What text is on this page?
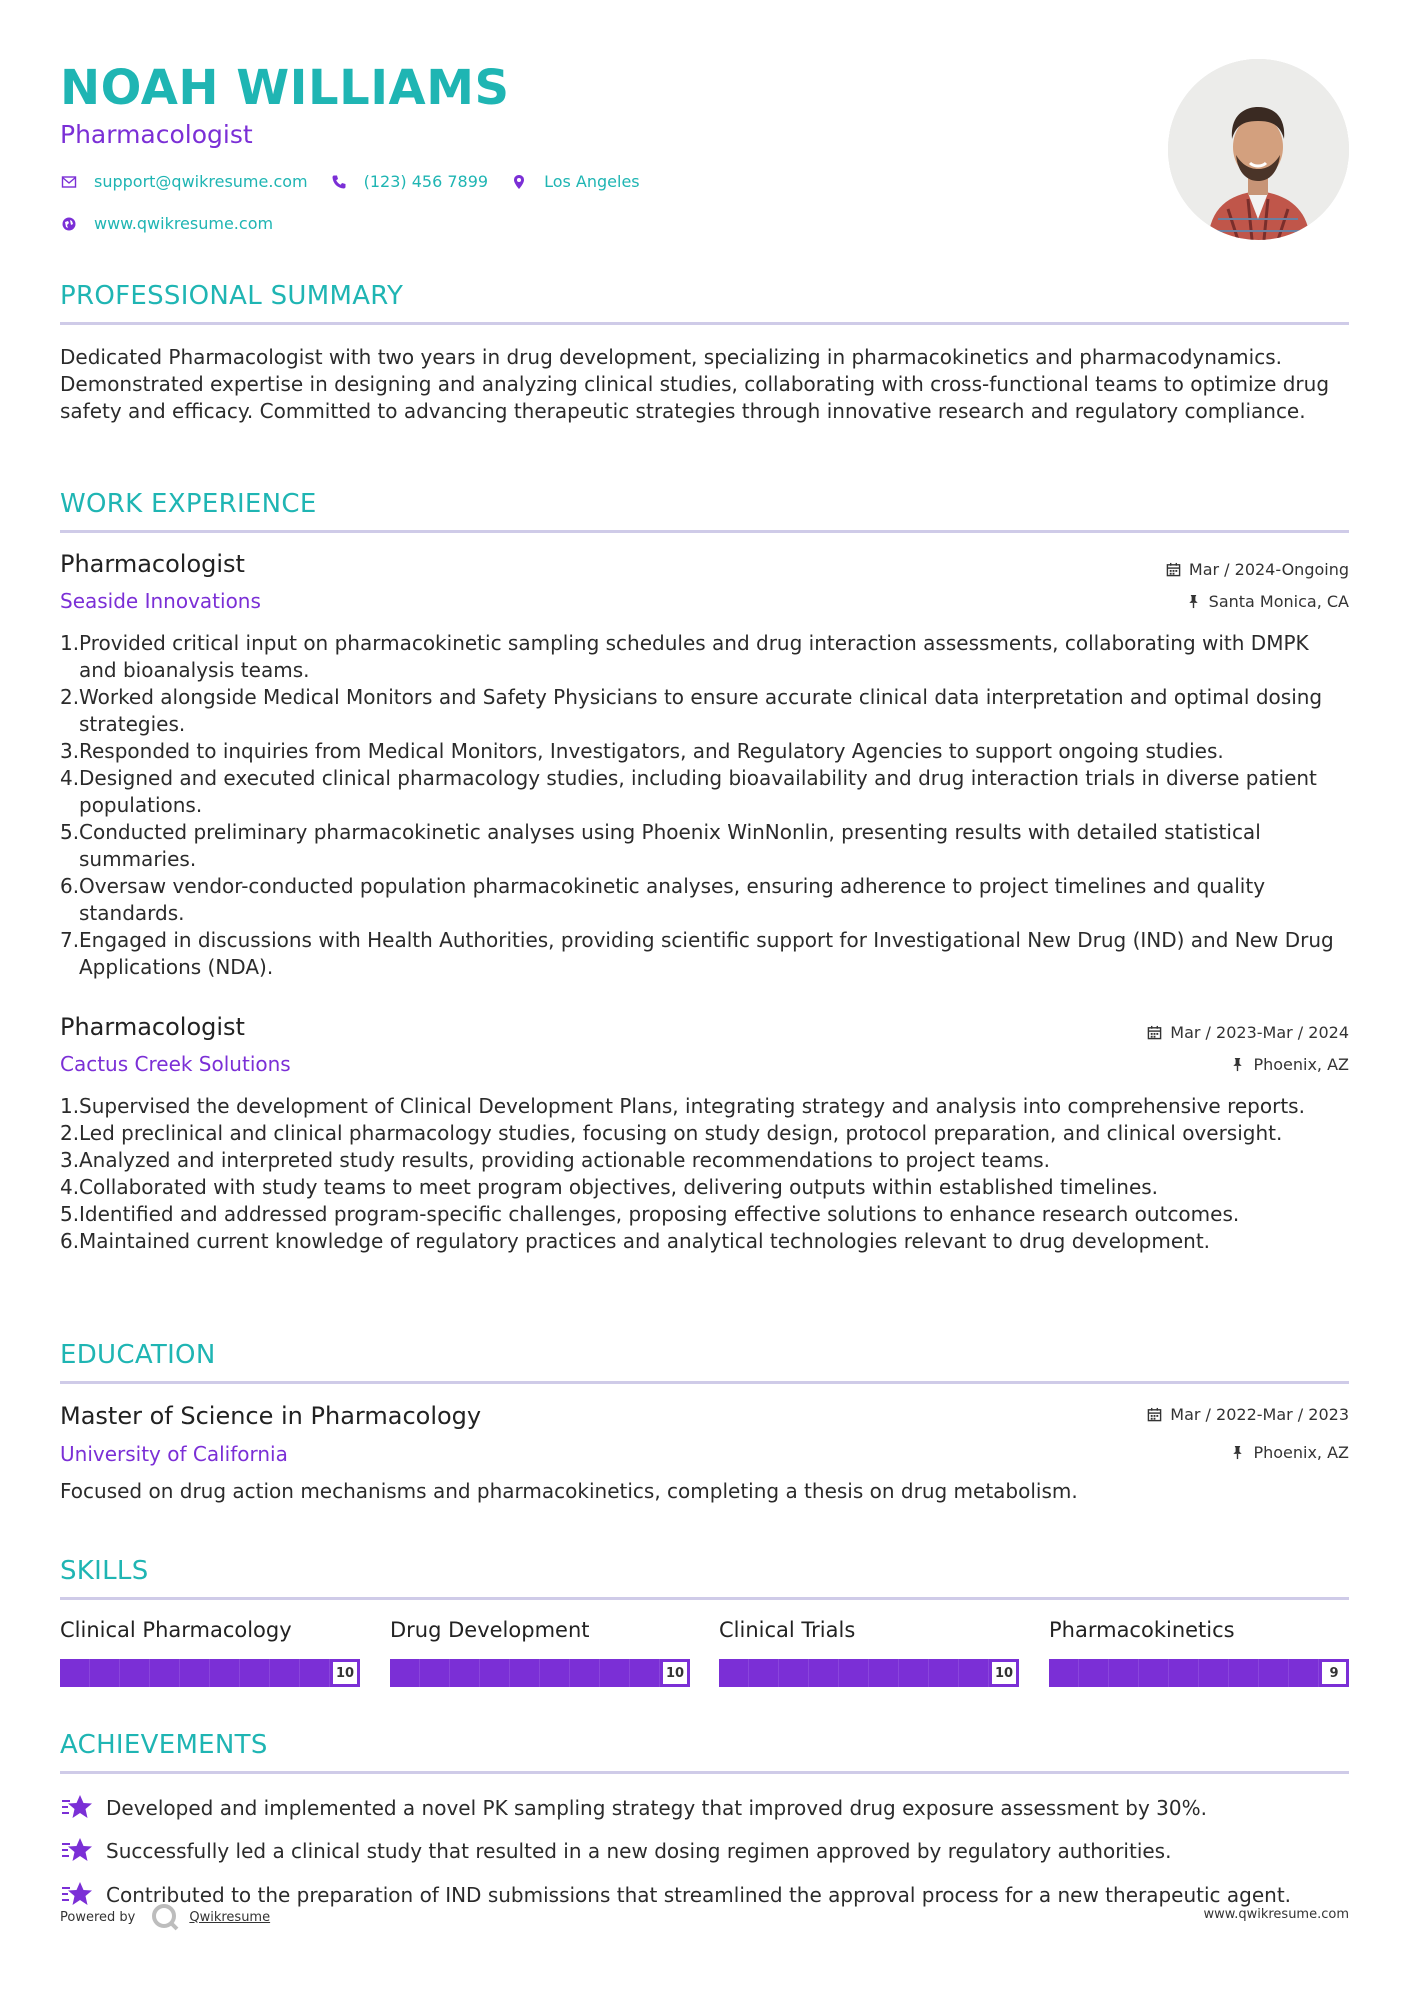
NOAH WILLIAMS
Pharmacologist
support@qwikresume.com	(123) 456 7899	Los Angeles
www.qwikresume.com
PROFESSIONAL SUMMARY
Dedicated Pharmacologist with two years in drug development, specializing in pharmacokinetics and pharmacodynamics. Demonstrated expertise in designing and analyzing clinical studies, collaborating with cross-functional teams to optimize drug safety and efficacy. Committed to advancing therapeutic strategies through innovative research and regulatory compliance.
WORK EXPERIENCE
Pharmacologist
Seaside Innovations
Mar / 2024-Ongoing
Santa Monica, CA
1. Provided critical input on pharmacokinetic sampling schedules and drug interaction assessments, collaborating with DMPK and bioanalysis teams.
2. Worked alongside Medical Monitors and Safety Physicians to ensure accurate clinical data interpretation and optimal dosing strategies.
3. Responded to inquiries from Medical Monitors, Investigators, and Regulatory Agencies to support ongoing studies.
4. Designed and executed clinical pharmacology studies, including bioavailability and drug interaction trials in diverse patient populations.
5. Conducted preliminary pharmacokinetic analyses using Phoenix WinNonlin, presenting results with detailed statistical summaries.
6. Oversaw vendor-conducted population pharmacokinetic analyses, ensuring adherence to project timelines and quality standards.
7. Engaged in discussions with Health Authorities, providing scientific support for Investigational New Drug (IND) and New Drug Applications (NDA).
Pharmacologist
Cactus Creek Solutions
Mar / 2023-Mar / 2024
Phoenix, AZ
1. Supervised the development of Clinical Development Plans, integrating strategy and analysis into comprehensive reports.
2. Led preclinical and clinical pharmacology studies, focusing on study design, protocol preparation, and clinical oversight.
3. Analyzed and interpreted study results, providing actionable recommendations to project teams.
4. Collaborated with study teams to meet program objectives, delivering outputs within established timelines.
5. Identified and addressed program-specific challenges, proposing effective solutions to enhance research outcomes.
6. Maintained current knowledge of regulatory practices and analytical technologies relevant to drug development.
EDUCATION
Master of Science in Pharmacology
University of California
Mar / 2022-Mar / 2023
Phoenix, AZ
Focused on drug action mechanisms and pharmacokinetics, completing a thesis on drug metabolism.
SKILLS
Clinical Pharmacology
10
Drug Development
10
Clinical Trials
10
Pharmacokinetics
9
ACHIEVEMENTS
Developed and implemented a novel PK sampling strategy that improved drug exposure assessment by 30%.
Successfully led a clinical study that resulted in a new dosing regimen approved by regulatory authorities.
Contributed to the preparation of IND submissions that streamlined the approval process for a new therapeutic agent.
Powered by	Qwikresume	www.qwikresume.com
